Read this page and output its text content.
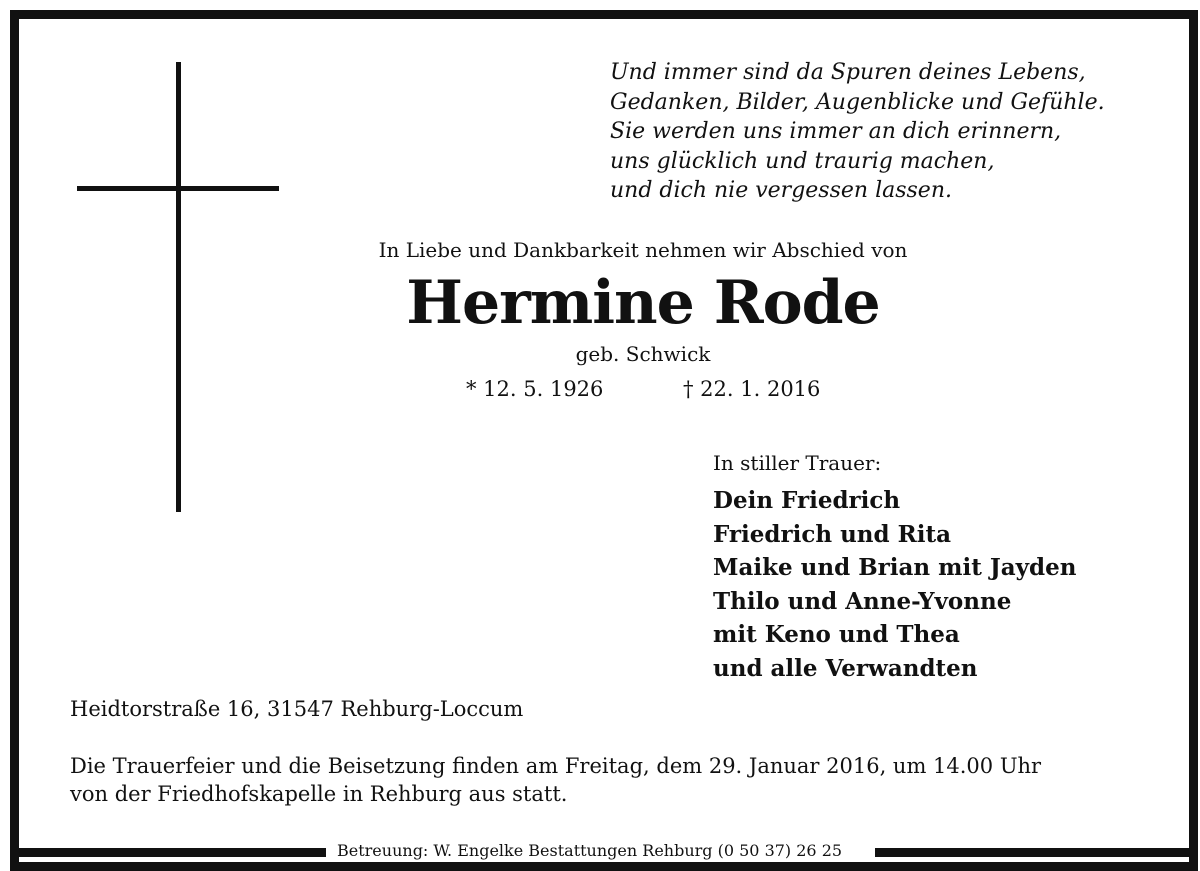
Und immer sind da Spuren deines Lebens,
Gedanken, Bilder, Augenblicke und Gefühle.
Sie werden uns immer an dich erinnern,
uns glücklich und traurig machen,
und dich nie vergessen lassen.
In Liebe und Dankbarkeit nehmen wir Abschied von
Hermine Rode
geb. Schwick
* 12. 5. 1926	† 22. 1. 2016
In stiller Trauer:
Dein Friedrich
Friedrich und Rita
Maike und Brian mit Jayden
Thilo und Anne-Yvonne
mit Keno und Thea
und alle Verwandten
Heidtorstraße 16, 31547 Rehburg-Loccum
Die Trauerfeier und die Beisetzung finden am Freitag, dem 29. Januar 2016, um 14.00 Uhr
von der Friedhofskapelle in Rehburg aus statt.
Betreuung: W. Engelke Bestattungen Rehburg (0 50 37) 26 25
